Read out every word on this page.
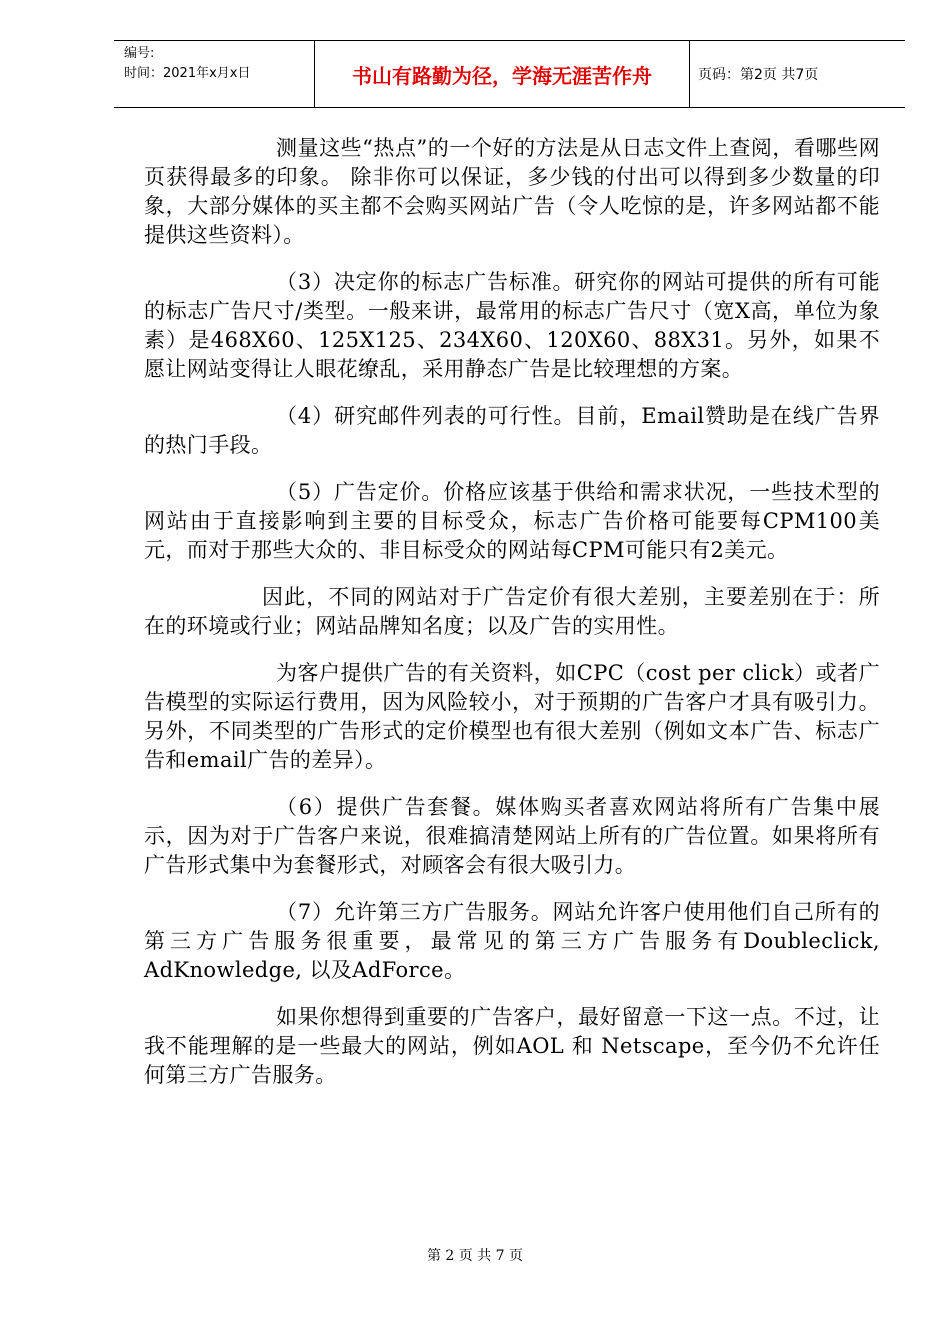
编号:
时间：2021年x月x日	书山有路勤为径，学海无涯苦作舟	页码：第2页 共7页

测量这些“热点”的一个好的方法是从日志文件上查阅，看哪些网页获得最多的印象。 除非你可以保证，多少钱的付出可以得到多少数量的印象，大部分媒体的买主都不会购买网站广告（令人吃惊的是，许多网站都不能提供这些资料）。

（3）决定你的标志广告标准。研究你的网站可提供的所有可能的标志广告尺寸/类型。一般来讲，最常用的标志广告尺寸（宽X高，单位为象素）是468X60、125X125、234X60、120X60、88X31。另外，如果不愿让网站变得让人眼花缭乱，采用静态广告是比较理想的方案。

（4）研究邮件列表的可行性。目前，Email赞助是在线广告界的热门手段。

（5）广告定价。价格应该基于供给和需求状况，一些技术型的网站由于直接影响到主要的目标受众，标志广告价格可能要每CPM100美元，而对于那些大众的、非目标受众的网站每CPM可能只有2美元。

因此，不同的网站对于广告定价有很大差别，主要差别在于：所在的环境或行业；网站品牌知名度；以及广告的实用性。

为客户提供广告的有关资料，如CPC（cost per click）或者广告模型的实际运行费用，因为风险较小，对于预期的广告客户才具有吸引力。另外，不同类型的广告形式的定价模型也有很大差别（例如文本广告、标志广告和email广告的差异）。

（6）提供广告套餐。媒体购买者喜欢网站将所有广告集中展示，因为对于广告客户来说，很难搞清楚网站上所有的广告位置。如果将所有广告形式集中为套餐形式，对顾客会有很大吸引力。

（7）允许第三方广告服务。网站允许客户使用他们自己所有的第三方广告服务很重要，最常见的第三方广告服务有Doubleclick, AdKnowledge, 以及AdForce。

如果你想得到重要的广告客户，最好留意一下这一点。不过，让我不能理解的是一些最大的网站，例如AOL 和 Netscape，至今仍不允许任何第三方广告服务。

第 2 页 共 7 页
